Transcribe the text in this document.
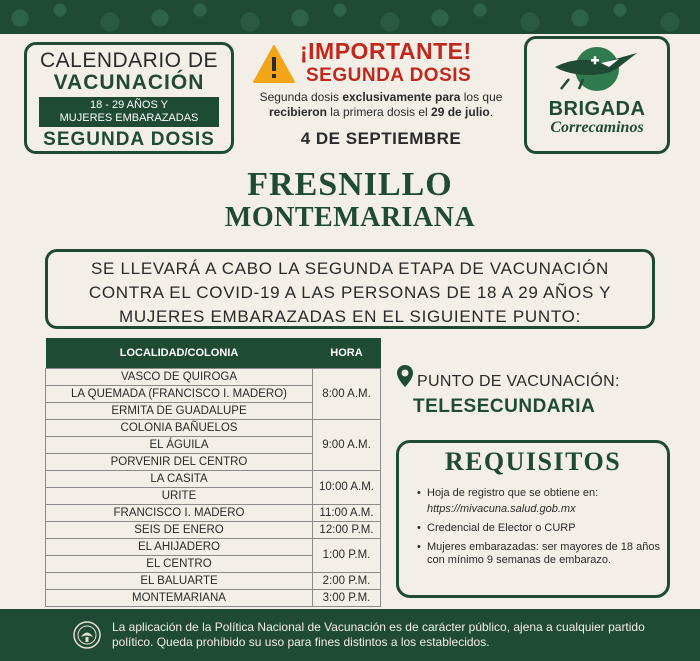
CALENDARIO DE
VACUNACIÓN
18 - 29 AÑOS Y
MUJERES EMBARAZADAS
SEGUNDA DOSIS
¡IMPORTANTE!
SEGUNDA DOSIS
Segunda dosis exclusivamente para los que recibieron la primera dosis el 29 de julio.
4 DE SEPTIEMBRE
BRIGADA
Correcaminos
FRESNILLO
MONTEMARIANA
SE LLEVARÁ A CABO LA SEGUNDA ETAPA DE VACUNACIÓN
CONTRA EL COVID-19 A LAS PERSONAS DE 18 A 29 AÑOS Y
MUJERES EMBARAZADAS EN EL SIGUIENTE PUNTO:
LOCALIDAD/COLONIA	HORA
VASCO DE QUIROGA	8:00 A.M.
LA QUEMADA (FRANCISCO I. MADERO)	
ERMITA DE GUADALUPE	
COLONIA BAÑUELOS	9:00 A.M.
EL ÁGUILA	
PORVENIR DEL CENTRO	
LA CASITA	10:00 A.M.
URITE	
FRANCISCO I. MADERO	11:00 A.M.
SEIS DE ENERO	12:00 P.M.
EL AHIJADERO	1:00 P.M.
EL CENTRO	
EL BALUARTE	2:00 P.M.
MONTEMARIANA	3:00 P.M.
PUNTO DE VACUNACIÓN:
TELESECUNDARIA
REQUISITOS
• Hoja de registro que se obtiene en:
https://mivacuna.salud.gob.mx
• Credencial de Elector o CURP
• Mujeres embarazadas: ser mayores de 18 años con mínimo 9 semanas de embarazo.
La aplicación de la Política Nacional de Vacunación es de carácter público, ajena a cualquier partido político. Queda prohibido su uso para fines distintos a los establecidos.
